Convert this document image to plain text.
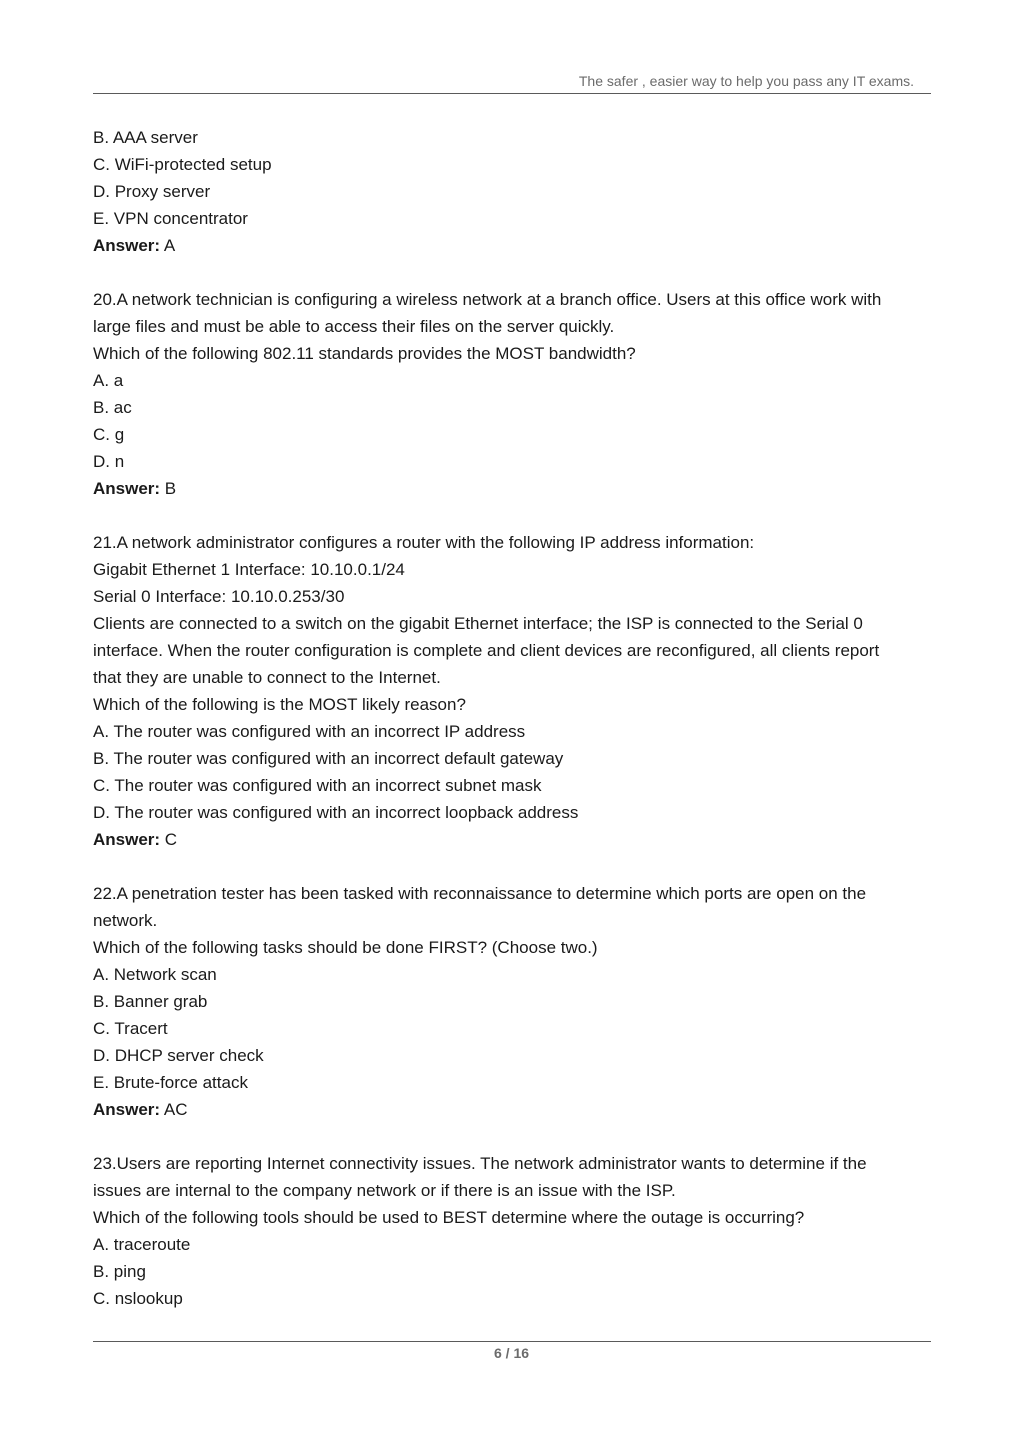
The safer , easier way to help you pass any IT exams.
B. AAA server
C. WiFi-protected setup
D. Proxy server
E. VPN concentrator
Answer: A
20.A network technician is configuring a wireless network at a branch office. Users at this office work with
large files and must be able to access their files on the server quickly.
Which of the following 802.11 standards provides the MOST bandwidth?
A. a
B. ac
C. g
D. n
Answer: B
21.A network administrator configures a router with the following IP address information:
Gigabit Ethernet 1 Interface: 10.10.0.1/24
Serial 0 Interface: 10.10.0.253/30
Clients are connected to a switch on the gigabit Ethernet interface; the ISP is connected to the Serial 0
interface. When the router configuration is complete and client devices are reconfigured, all clients report
that they are unable to connect to the Internet.
Which of the following is the MOST likely reason?
A. The router was configured with an incorrect IP address
B. The router was configured with an incorrect default gateway
C. The router was configured with an incorrect subnet mask
D. The router was configured with an incorrect loopback address
Answer: C
22.A penetration tester has been tasked with reconnaissance to determine which ports are open on the
network.
Which of the following tasks should be done FIRST? (Choose two.)
A. Network scan
B. Banner grab
C. Tracert
D. DHCP server check
E. Brute-force attack
Answer: AC
23.Users are reporting Internet connectivity issues. The network administrator wants to determine if the
issues are internal to the company network or if there is an issue with the ISP.
Which of the following tools should be used to BEST determine where the outage is occurring?
A. traceroute
B. ping
C. nslookup
6 / 16
